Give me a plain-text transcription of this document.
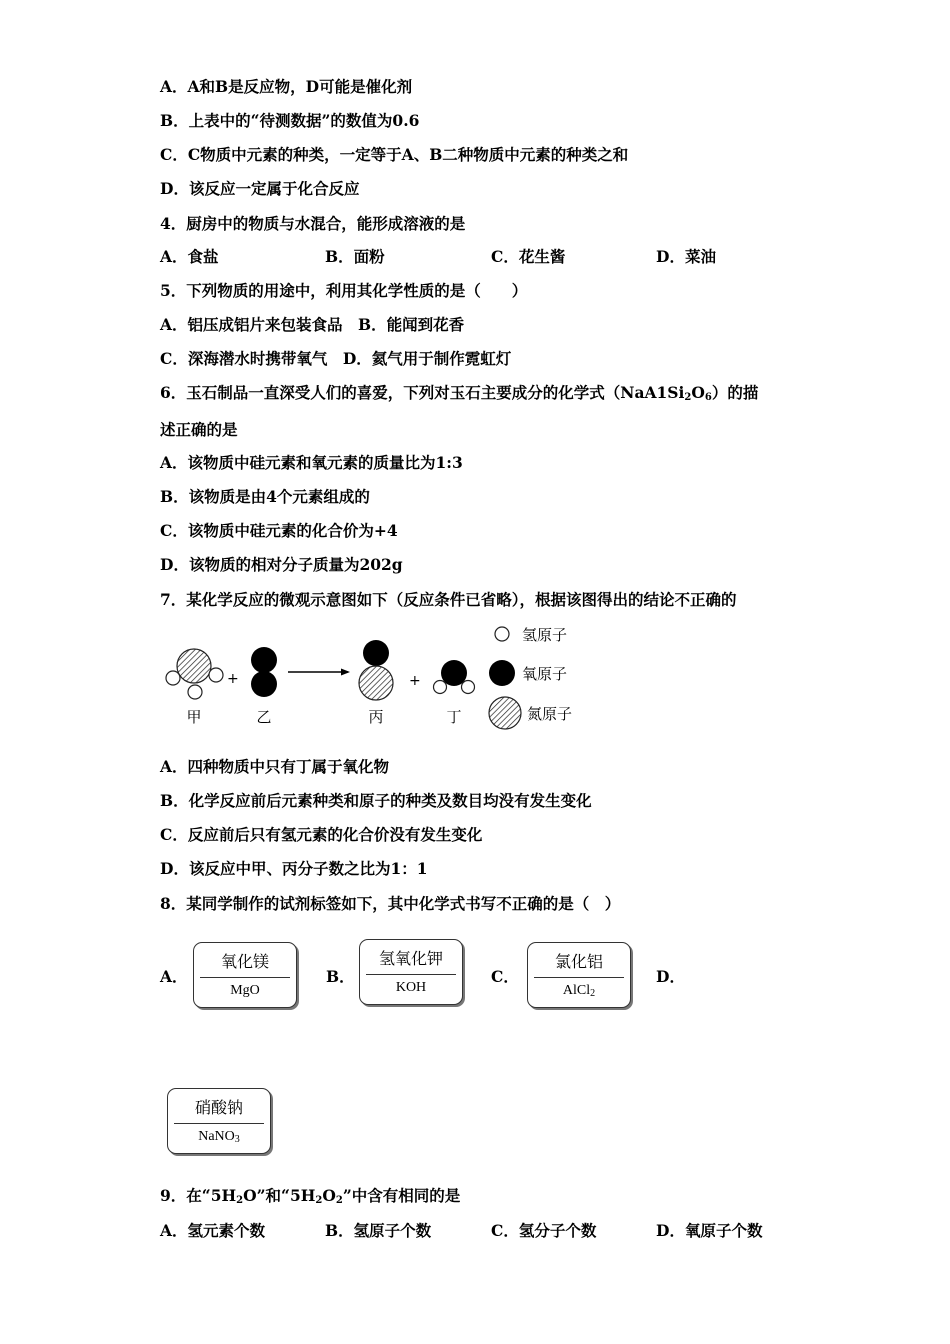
A．A和B是反应物，D可能是催化剂
B．上表中的“待测数据”的数值为0.6
C．C物质中元素的种类，一定等于A、B二种物质中元素的种类之和
D．该反应一定属于化合反应
4．厨房中的物质与水混合，能形成溶液的是
A．食盐	B．面粉	C．花生酱	D．菜油
5．下列物质的用途中，利用其化学性质的是（　　）
A．铝压成铝片来包装食品　B．能闻到花香
C．深海潜水时携带氧气　D．氦气用于制作霓虹灯
6．玉石制品一直深受人们的喜爱，下列对玉石主要成分的化学式$(NaA1Si_2O_6)$的描
述正确的是
A．该物质中硅元素和氧元素的质量比为1:3
B．该物质是由4个元素组成的
C．该物质中硅元素的化合价为+4
D．该物质的相对分子质量为202g
7．某化学反应的微观示意图如下（反应条件已省略），根据该图得出的结论不正确的
+	+
甲	乙	丙	丁
氢原子
氧原子
氮原子
A．四种物质中只有丁属于氧化物
B．化学反应前后元素种类和原子的种类及数目均没有发生变化
C．反应前后只有氢元素的化合价没有发生变化
D．该反应中甲、丙分子数之比为1：1
8．某同学制作的试剂标签如下，其中化学式书写不正确的是（　）
A．
氧化镁
MgO
B．
氢氧化钾
KOH
C．
氯化铝
AlCl$_2$
D．
硝酸钠
NaNO$_3$
9．在“$5H_2O$”和“$5H_2O_2$”中含有相同的是
A．氢元素个数	B．氢原子个数	C．氢分子个数	D．氧原子个数
